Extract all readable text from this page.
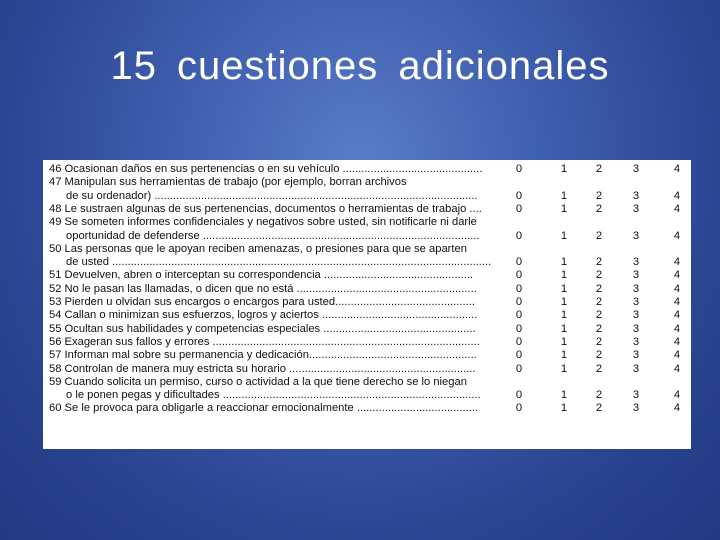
15 cuestiones adicionales
46 Ocasionan daños en sus pertenencias o en su vehículo .............................................	0	1	2	3	4
47 Manipulan sus herramientas de trabajo (por ejemplo, borran archivos
de su ordenador) ........................................................................................................	0	1	2	3	4
48 Le sustraen algunas de sus pertenencias, documentos o herramientas de trabajo ....	0	1	2	3	4
49 Se someten informes confidenciales y negativos sobre usted, sin notificarle ni darle
oportunidad de defenderse .........................................................................................	0	1	2	3	4
50 Las personas que le apoyan reciben amenazas, o presiones para que se aparten
de usted ..........................................................................................................................	0	1	2	3	4
51 Devuelven, abren o interceptan su correspondencia ................................................	0	1	2	3	4
52 No le pasan las llamadas, o dicen que no está ..........................................................	0	1	2	3	4
53 Pierden u olvidan sus encargos o encargos para usted.............................................	0	1	2	3	4
54 Callan o minimizan sus esfuerzos, logros y aciertos ..................................................	0	1	2	3	4
55 Ocultan sus habilidades y competencias especiales .................................................	0	1	2	3	4
56 Exageran sus fallos y errores ......................................................................................	0	1	2	3	4
57 Informan mal sobre su permanencia y dedicación......................................................	0	1	2	3	4
58 Controlan de manera muy estricta su horario ............................................................	0	1	2	3	4
59 Cuando solicita un permiso, curso o actividad a la que tiene derecho se lo niegan
o le ponen pegas y dificultades ...................................................................................	0	1	2	3	4
60 Se le provoca para obligarle a reaccionar emocionalmente .......................................	0	1	2	3	4
